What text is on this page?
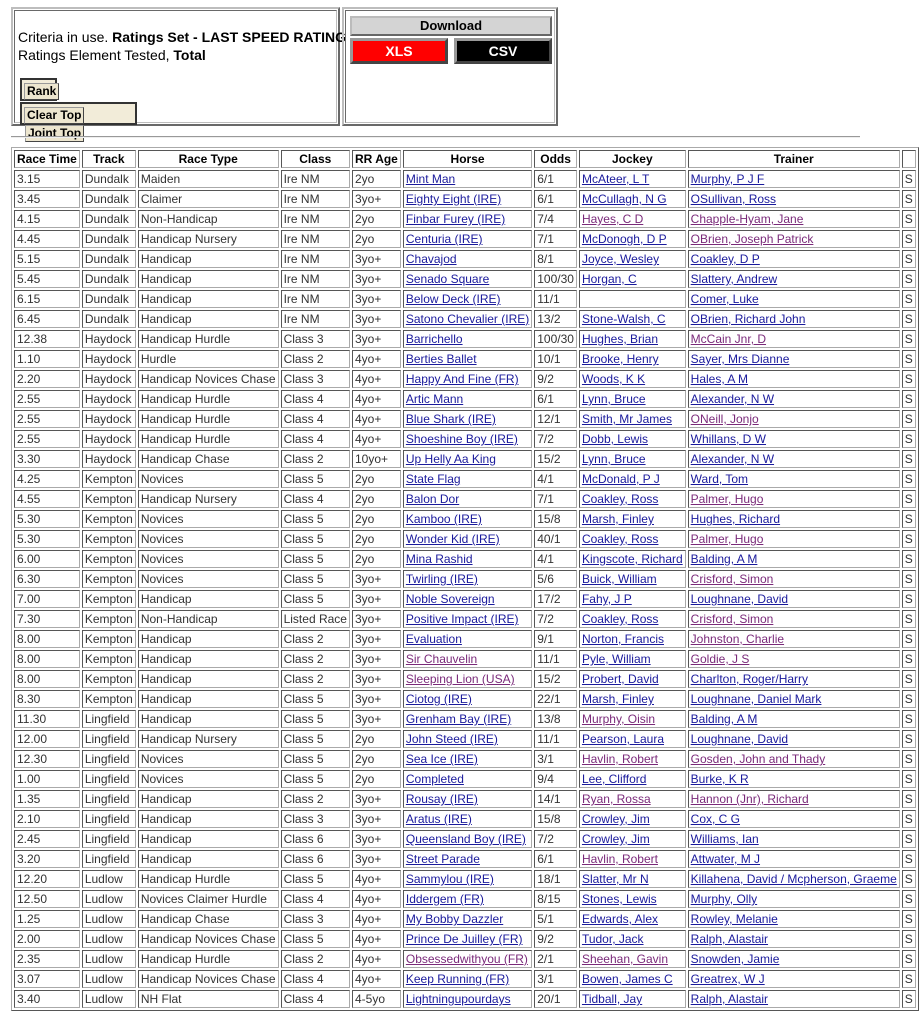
Criteria in use. Ratings Set - LAST SPEED RATING
Ratings Element Tested, Total
Rank
Clear TopJoint Top
Download
XLS	CSV
Race Time	Track	Race Type	Class	RR Age	Horse	Odds	Jockey	Trainer	
3.15	Dundalk	Maiden	Ire NM	2yo	Mint Man	6/1	McAteer, L T	Murphy, P J F	S
3.45	Dundalk	Claimer	Ire NM	3yo+	Eighty Eight (IRE)	6/1	McCullagh, N G	OSullivan, Ross	S
4.15	Dundalk	Non-Handicap	Ire NM	2yo	Finbar Furey (IRE)	7/4	Hayes, C D	Chapple-Hyam, Jane	S
4.45	Dundalk	Handicap Nursery	Ire NM	2yo	Centuria (IRE)	7/1	McDonogh, D P	OBrien, Joseph Patrick	S
5.15	Dundalk	Handicap	Ire NM	3yo+	Chavajod	8/1	Joyce, Wesley	Coakley, D P	S
5.45	Dundalk	Handicap	Ire NM	3yo+	Senado Square	100/30	Horgan, C	Slattery, Andrew	S
6.15	Dundalk	Handicap	Ire NM	3yo+	Below Deck (IRE)	11/1		Comer, Luke	S
6.45	Dundalk	Handicap	Ire NM	3yo+	Satono Chevalier (IRE)	13/2	Stone-Walsh, C	OBrien, Richard John	S
12.38	Haydock	Handicap Hurdle	Class 3	3yo+	Barrichello	100/30	Hughes, Brian	McCain Jnr, D	S
1.10	Haydock	Hurdle	Class 2	4yo+	Berties Ballet	10/1	Brooke, Henry	Sayer, Mrs Dianne	S
2.20	Haydock	Handicap Novices Chase	Class 3	4yo+	Happy And Fine (FR)	9/2	Woods, K K	Hales, A M	S
2.55	Haydock	Handicap Hurdle	Class 4	4yo+	Artic Mann	6/1	Lynn, Bruce	Alexander, N W	S
2.55	Haydock	Handicap Hurdle	Class 4	4yo+	Blue Shark (IRE)	12/1	Smith, Mr James	ONeill, Jonjo	S
2.55	Haydock	Handicap Hurdle	Class 4	4yo+	Shoeshine Boy (IRE)	7/2	Dobb, Lewis	Whillans, D W	S
3.30	Haydock	Handicap Chase	Class 2	10yo+	Up Helly Aa King	15/2	Lynn, Bruce	Alexander, N W	S
4.25	Kempton	Novices	Class 5	2yo	State Flag	4/1	McDonald, P J	Ward, Tom	S
4.55	Kempton	Handicap Nursery	Class 4	2yo	Balon Dor	7/1	Coakley, Ross	Palmer, Hugo	S
5.30	Kempton	Novices	Class 5	2yo	Kamboo (IRE)	15/8	Marsh, Finley	Hughes, Richard	S
5.30	Kempton	Novices	Class 5	2yo	Wonder Kid (IRE)	40/1	Coakley, Ross	Palmer, Hugo	S
6.00	Kempton	Novices	Class 5	2yo	Mina Rashid	4/1	Kingscote, Richard	Balding, A M	S
6.30	Kempton	Novices	Class 5	3yo+	Twirling (IRE)	5/6	Buick, William	Crisford, Simon	S
7.00	Kempton	Handicap	Class 5	3yo+	Noble Sovereign	17/2	Fahy, J P	Loughnane, David	S
7.30	Kempton	Non-Handicap	Listed Race	3yo+	Positive Impact (IRE)	7/2	Coakley, Ross	Crisford, Simon	S
8.00	Kempton	Handicap	Class 2	3yo+	Evaluation	9/1	Norton, Francis	Johnston, Charlie	S
8.00	Kempton	Handicap	Class 2	3yo+	Sir Chauvelin	11/1	Pyle, William	Goldie, J S	S
8.00	Kempton	Handicap	Class 2	3yo+	Sleeping Lion (USA)	15/2	Probert, David	Charlton, Roger/Harry	S
8.30	Kempton	Handicap	Class 5	3yo+	Ciotog (IRE)	22/1	Marsh, Finley	Loughnane, Daniel Mark	S
11.30	Lingfield	Handicap	Class 5	3yo+	Grenham Bay (IRE)	13/8	Murphy, Oisin	Balding, A M	S
12.00	Lingfield	Handicap Nursery	Class 5	2yo	John Steed (IRE)	11/1	Pearson, Laura	Loughnane, David	S
12.30	Lingfield	Novices	Class 5	2yo	Sea Ice (IRE)	3/1	Havlin, Robert	Gosden, John and Thady	S
1.00	Lingfield	Novices	Class 5	2yo	Completed	9/4	Lee, Clifford	Burke, K R	S
1.35	Lingfield	Handicap	Class 2	3yo+	Rousay (IRE)	14/1	Ryan, Rossa	Hannon (Jnr), Richard	S
2.10	Lingfield	Handicap	Class 3	3yo+	Aratus (IRE)	15/8	Crowley, Jim	Cox, C G	S
2.45	Lingfield	Handicap	Class 6	3yo+	Queensland Boy (IRE)	7/2	Crowley, Jim	Williams, Ian	S
3.20	Lingfield	Handicap	Class 6	3yo+	Street Parade	6/1	Havlin, Robert	Attwater, M J	S
12.20	Ludlow	Handicap Hurdle	Class 5	4yo+	Sammylou (IRE)	18/1	Slatter, Mr N	Killahena, David / Mcpherson, Graeme	S
12.50	Ludlow	Novices Claimer Hurdle	Class 4	4yo+	Iddergem (FR)	8/15	Stones, Lewis	Murphy, Olly	S
1.25	Ludlow	Handicap Chase	Class 3	4yo+	My Bobby Dazzler	5/1	Edwards, Alex	Rowley, Melanie	S
2.00	Ludlow	Handicap Novices Chase	Class 5	4yo+	Prince De Juilley (FR)	9/2	Tudor, Jack	Ralph, Alastair	S
2.35	Ludlow	Handicap Hurdle	Class 2	4yo+	Obsessedwithyou (FR)	2/1	Sheehan, Gavin	Snowden, Jamie	S
3.07	Ludlow	Handicap Novices Chase	Class 4	4yo+	Keep Running (FR)	3/1	Bowen, James C	Greatrex, W J	S
3.40	Ludlow	NH Flat	Class 4	4-5yo	Lightningupourdays	20/1	Tidball, Jay	Ralph, Alastair	S
